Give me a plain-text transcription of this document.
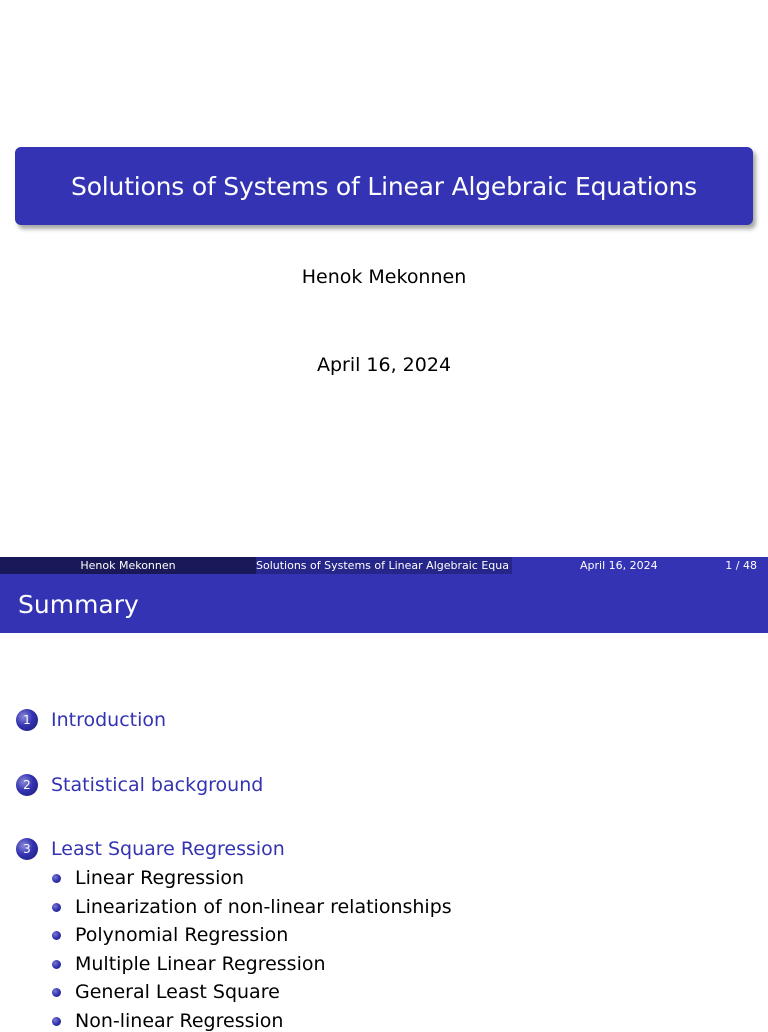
Solutions of Systems of Linear Algebraic Equations
Henok Mekonnen
April 16, 2024
Henok Mekonnen	Solutions of Systems of Linear Algebraic Equa	April 16, 2024	1 / 48
Summary
1	Introduction
2	Statistical background
3	Least Square Regression
Linear Regression
Linearization of non-linear relationships
Polynomial Regression
Multiple Linear Regression
General Least Square
Non-linear Regression
